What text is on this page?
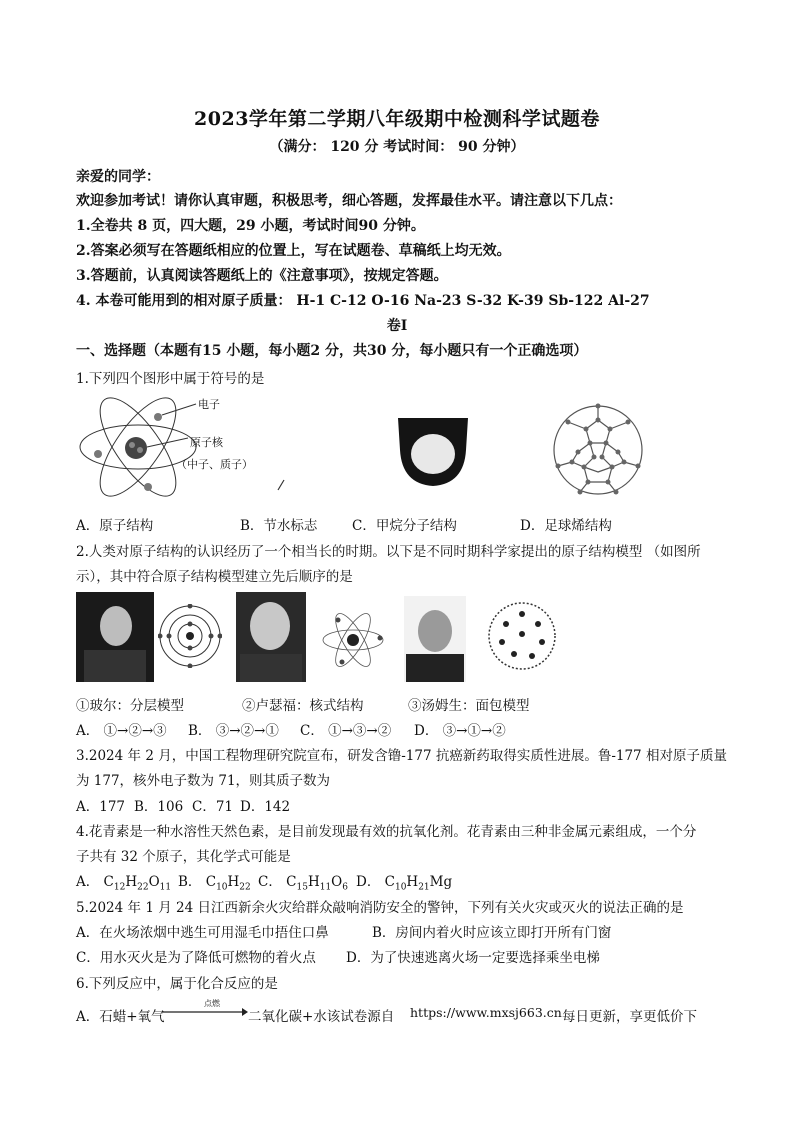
2023学年第二学期八年级期中检测科学试题卷
（满分： 120 分 考试时间： 90 分钟）
亲爱的同学：
欢迎参加考试！请你认真审题，积极思考，细心答题，发挥最佳水平。请注意以下几点：
1.全卷共 8 页，四大题，29 小题，考试时间90 分钟。
2.答案必须写在答题纸相应的位置上，写在试题卷、草稿纸上均无效。
3.答题前，认真阅读答题纸上的《注意事项》，按规定答题。
4. 本卷可能用到的相对原子质量： H-1 C-12 O-16 Na-23 S-32 K-39 Sb-122 Al-27
卷Ⅰ
一、选择题（本题有15 小题，每小题2 分，共30 分，每小题只有一个正确选项）
1.下列四个图形中属于符号的是
电子
原子核
（中子、质子）
A．原子结构	B．节水标志	C．甲烷分子结构	D．足球烯结构
2.人类对原子结构的认识经历了一个相当长的时期。以下是不同时期科学家提出的原子结构模型 （如图所
示），其中符合原子结构模型建立先后顺序的是
①玻尔：分层模型	②卢瑟福：核式结构	③汤姆生：面包模型
A． ①→②→③ B． ③→②→① C． ①→③→② D． ③→①→②
3.2024 年 2 月，中国工程物理研究院宣布，研发含镥-177 抗癌新药取得实质性进展。鲁-177 相对原子质量
为 177，核外电子数为 71，则其质子数为
A．177 B．106 C．71 D．142
4.花青素是一种水溶性天然色素，是目前发现最有效的抗氧化剂。花青素由三种非金属元素组成，一个分
子共有 32 个原子，其化学式可能是
A． $C_{12}H_{22}O_{11}$ B． $C_{10}H_{22}$ C． $C_{15}H_{11}O_6$ D． $C_{10}H_{21}Mg$
5.2024 年 1 月 24 日江西新余火灾给群众敲响消防安全的警钟，下列有关火灾或灭火的说法正确的是
A．在火场浓烟中逃生可用湿毛巾捂住口鼻	B．房间内着火时应该立即打开所有门窗
C．用水灭火是为了降低可燃物的着火点 D．为了快速逃离火场一定要选择乘坐电梯
6.下列反应中，属于化合反应的是
A．石蜡+氧气
点燃
二氧化碳+水该试卷源自 https://www.mxsj663.cn 每日更新，享更低价下
